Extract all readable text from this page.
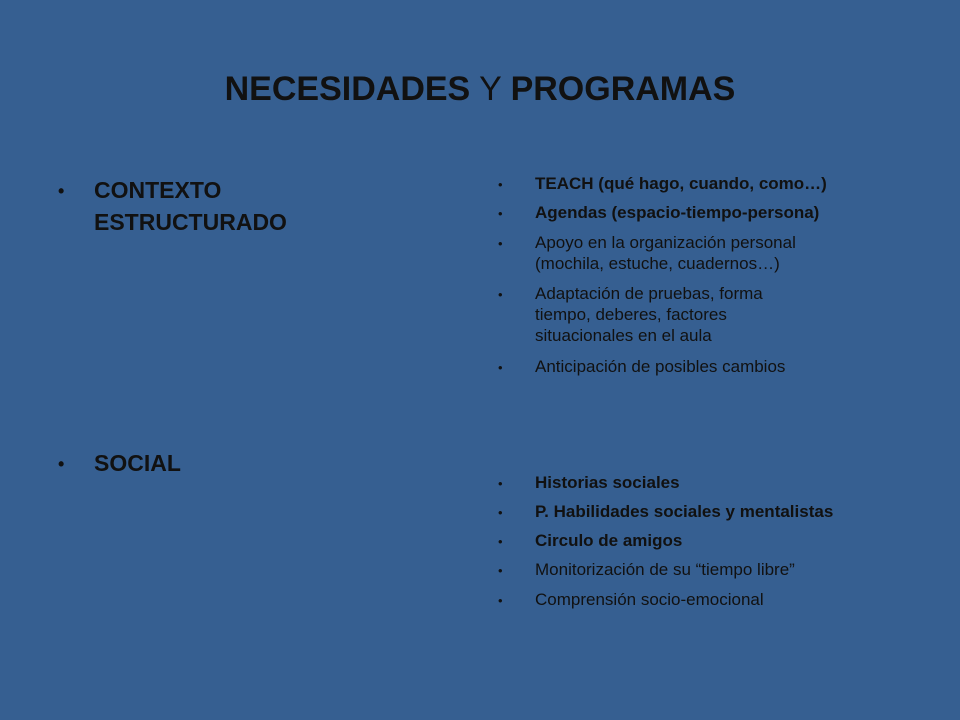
NECESIDADES Y PROGRAMAS
• CONTEXTO
ESTRUCTURADO
• SOCIAL
• TEACH (qué hago, cuando, como…)
• Agendas (espacio-tiempo-persona)
• Apoyo en la organización personal
(mochila, estuche, cuadernos…)
• Adaptación de pruebas, forma
tiempo, deberes, factores
situacionales en el aula
• Anticipación de posibles cambios
• Historias sociales
• P. Habilidades sociales y mentalistas
• Circulo de amigos
• Monitorización de su “tiempo libre”
• Comprensión socio-emocional
